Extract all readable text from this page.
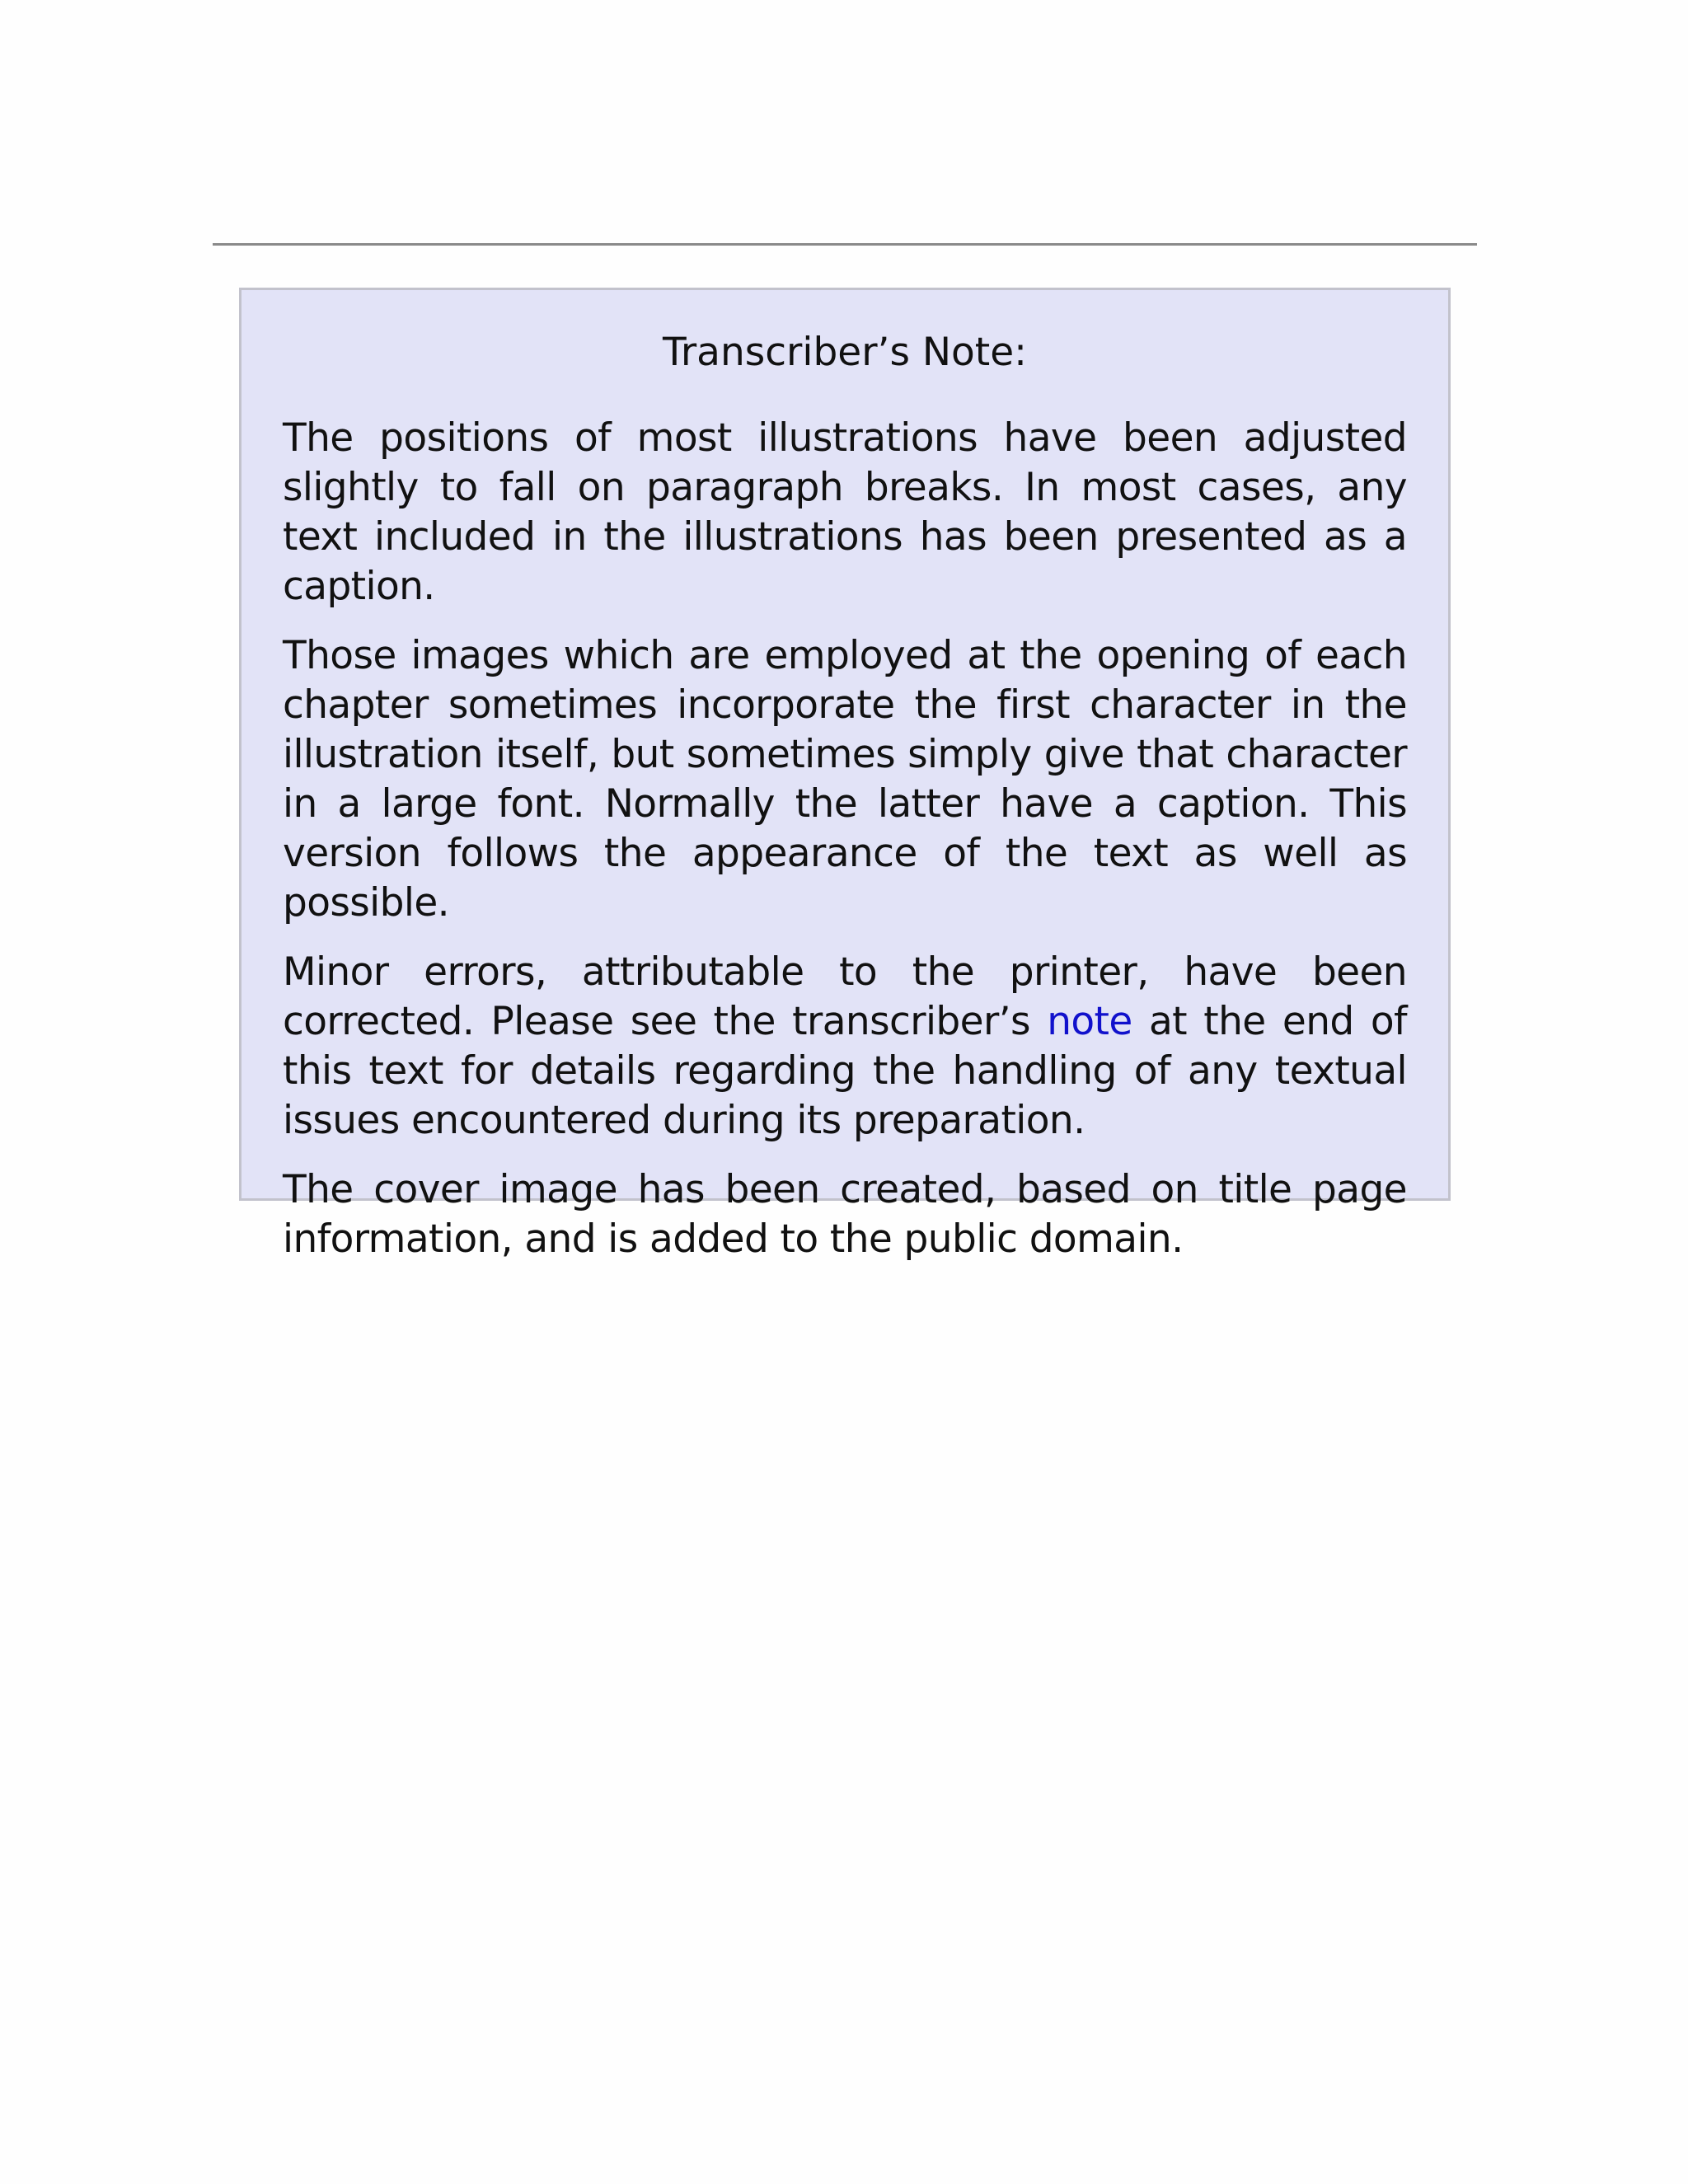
Transcriber’s Note:

The positions of most illustrations have been adjusted slightly to fall on paragraph breaks. In most cases, any text included in the illustrations has been presented as a caption.

Those images which are employed at the opening of each chapter sometimes incorporate the first character in the illustration itself, but sometimes simply give that character in a large font. Normally the latter have a caption. This version follows the appearance of the text as well as possible.

Minor errors, attributable to the printer, have been corrected. Please see the transcriber’s note at the end of this text for details regarding the handling of any textual issues encountered during its preparation.

The cover image has been created, based on title page information, and is added to the public domain.
